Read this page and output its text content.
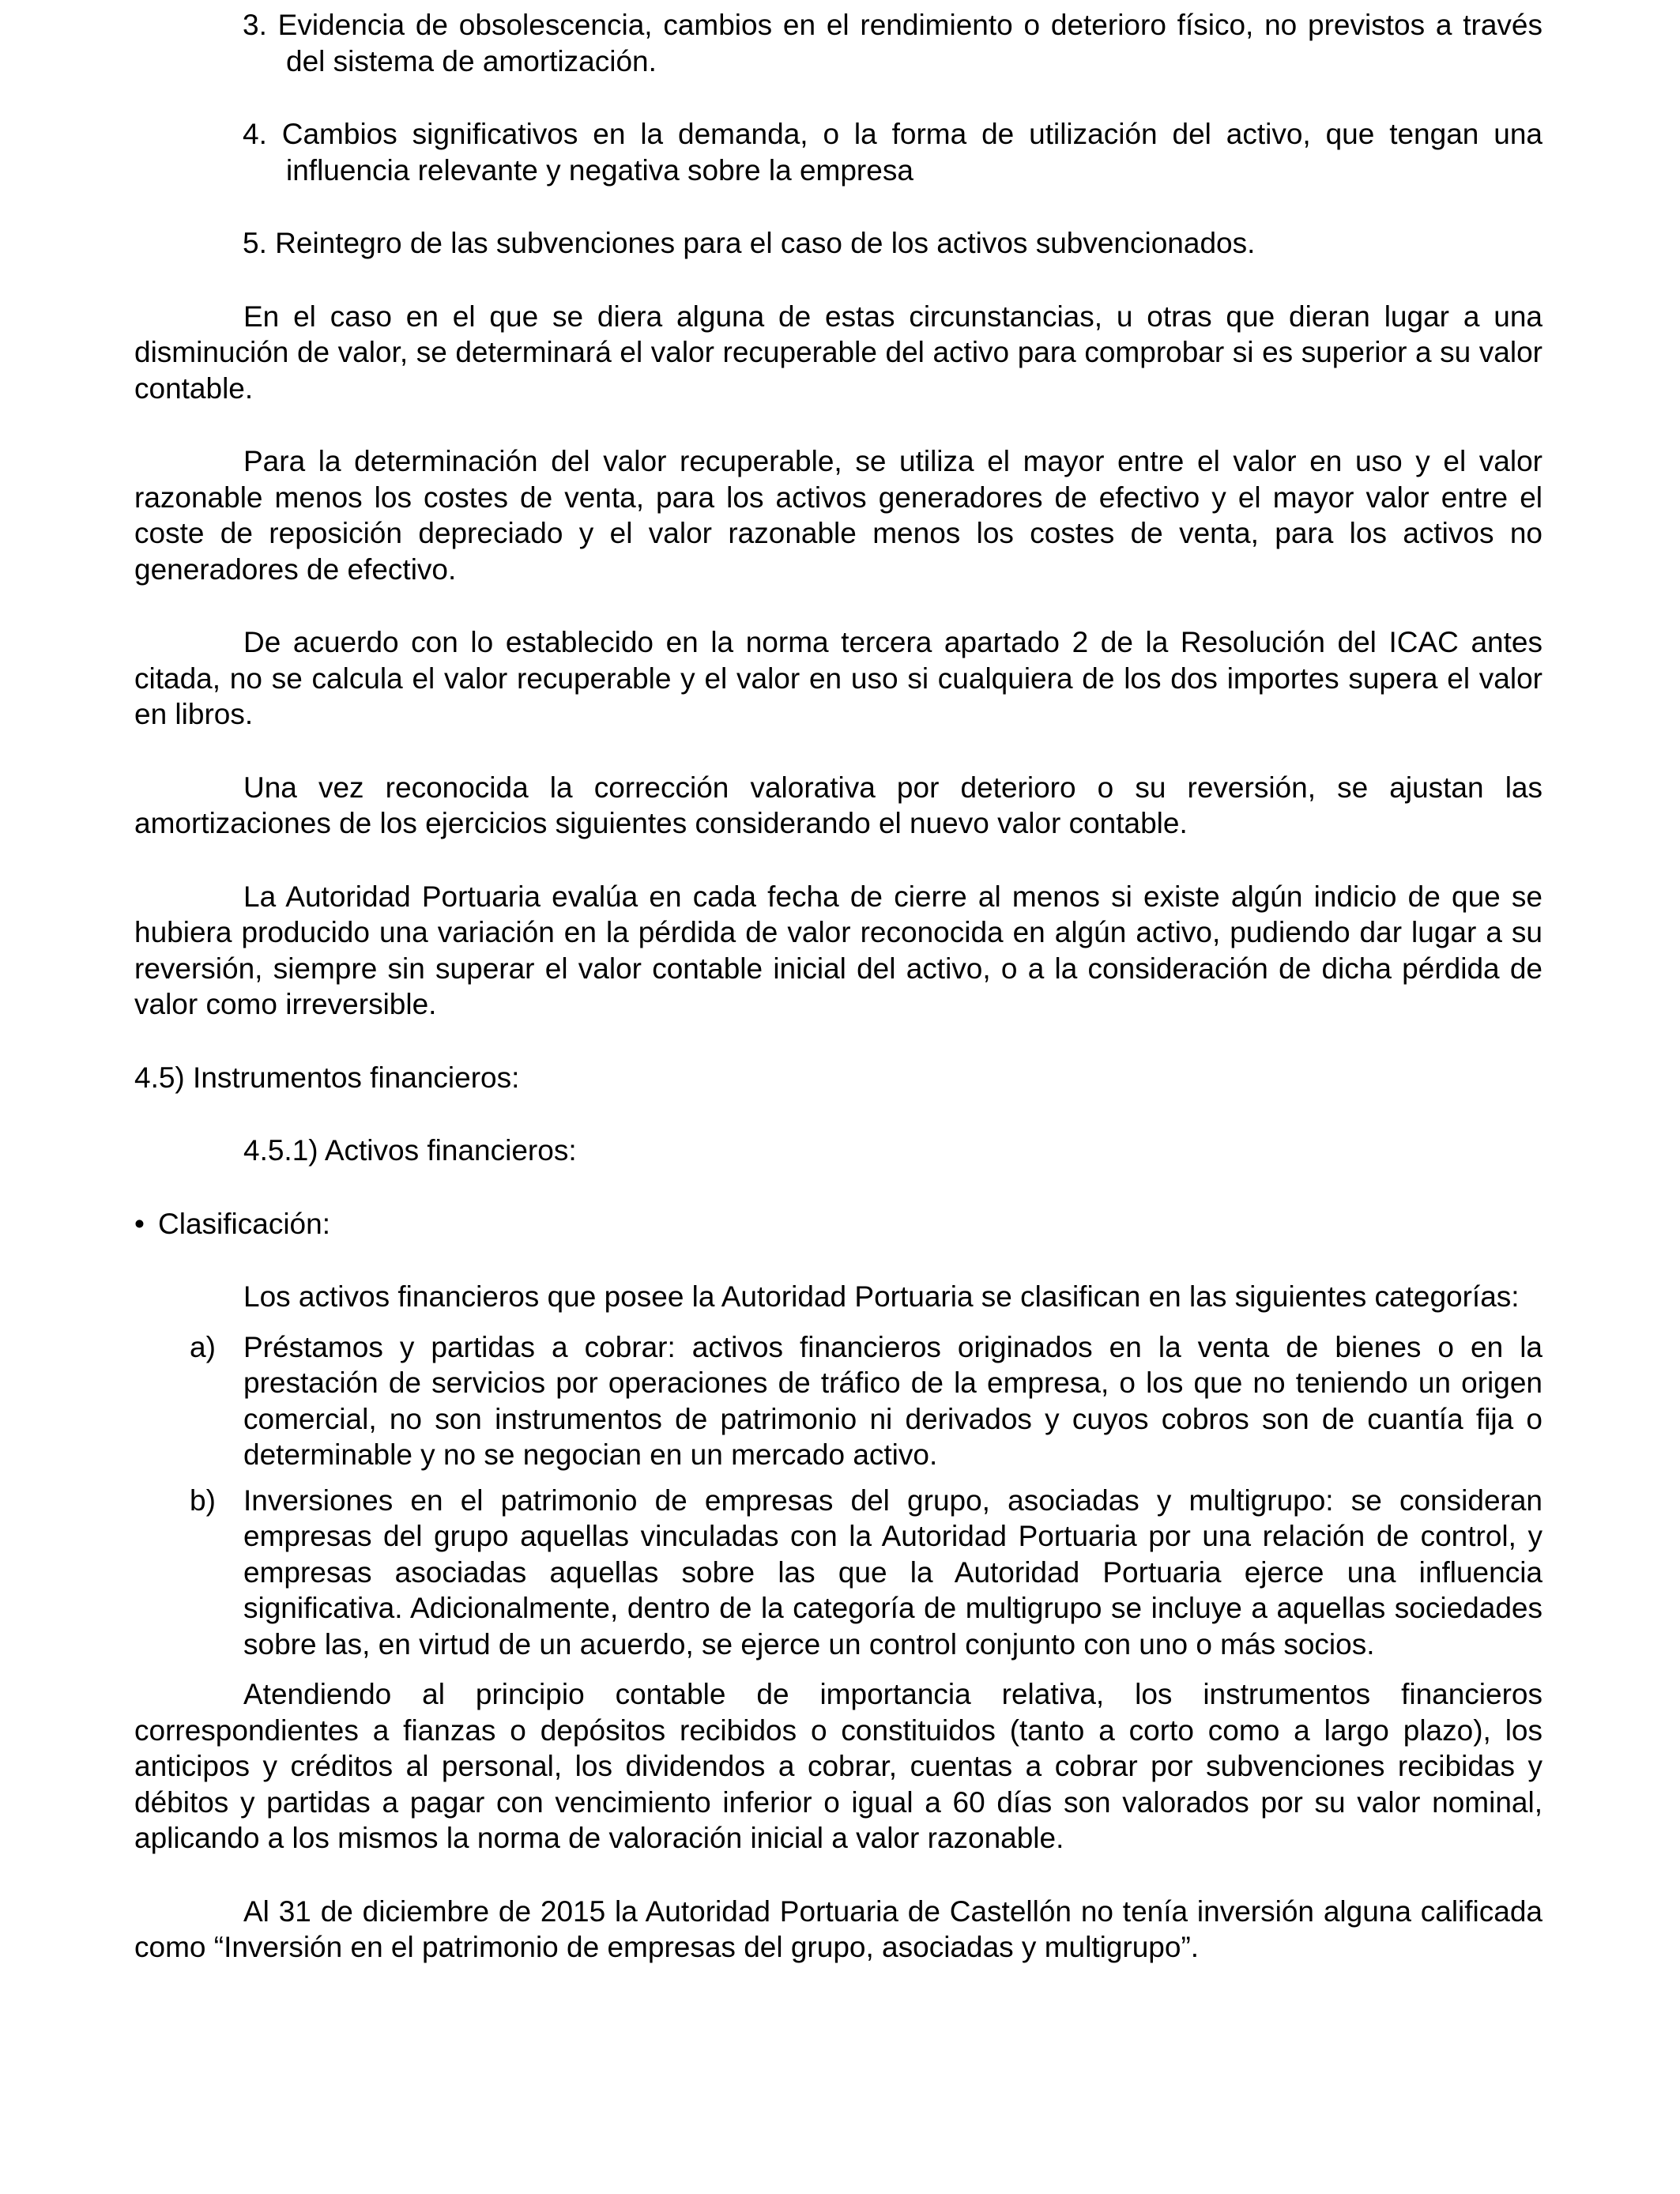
3. Evidencia de obsolescencia, cambios en el rendimiento o deterioro físico, no previstos a través del sistema de amortización.

4. Cambios significativos en la demanda, o la forma de utilización del activo, que tengan una influencia relevante y negativa sobre la empresa

5. Reintegro de las subvenciones para el caso de los activos subvencionados.

En el caso en el que se diera alguna de estas circunstancias, u otras que dieran lugar a una disminución de valor, se determinará el valor recuperable del activo para comprobar si es superior a su valor contable.

Para la determinación del valor recuperable, se utiliza el mayor entre el valor en uso y el valor razonable menos los costes de venta, para los activos generadores de efectivo y el mayor valor entre el coste de reposición depreciado y el valor razonable menos los costes de venta, para los activos no generadores de efectivo.

De acuerdo con lo establecido en la norma tercera apartado 2 de la Resolución del ICAC antes citada, no se calcula el valor recuperable y el valor en uso si cualquiera de los dos importes supera el valor en libros.

Una vez reconocida la corrección valorativa por deterioro o su reversión, se ajustan las amortizaciones de los ejercicios siguientes considerando el nuevo valor contable.

La Autoridad Portuaria evalúa en cada fecha de cierre al menos si existe algún indicio de que se hubiera producido una variación en la pérdida de valor reconocida en algún activo, pudiendo dar lugar a su reversión, siempre sin superar el valor contable inicial del activo, o a la consideración de dicha pérdida de valor como irreversible.

4.5) Instrumentos financieros:

4.5.1) Activos financieros:

• Clasificación:

Los activos financieros que posee la Autoridad Portuaria se clasifican en las siguientes categorías:

a) Préstamos y partidas a cobrar: activos financieros originados en la venta de bienes o en la prestación de servicios por operaciones de tráfico de la empresa, o los que no teniendo un origen comercial, no son instrumentos de patrimonio ni derivados y cuyos cobros son de cuantía fija o determinable y no se negocian en un mercado activo.
b) Inversiones en el patrimonio de empresas del grupo, asociadas y multigrupo: se consideran empresas del grupo aquellas vinculadas con la Autoridad Portuaria por una relación de control, y empresas asociadas aquellas sobre las que la Autoridad Portuaria ejerce una influencia significativa. Adicionalmente, dentro de la categoría de multigrupo se incluye a aquellas sociedades sobre las, en virtud de un acuerdo, se ejerce un control conjunto con uno o más socios.

Atendiendo al principio contable de importancia relativa, los instrumentos financieros correspondientes a fianzas o depósitos recibidos o constituidos (tanto a corto como a largo plazo), los anticipos y créditos al personal, los dividendos a cobrar, cuentas a cobrar por subvenciones recibidas y débitos y partidas a pagar con vencimiento inferior o igual a 60 días son valorados por su valor nominal, aplicando a los mismos la norma de valoración inicial a valor razonable.

Al 31 de diciembre de 2015 la Autoridad Portuaria de Castellón no tenía inversión alguna calificada como “Inversión en el patrimonio de empresas del grupo, asociadas y multigrupo”.
